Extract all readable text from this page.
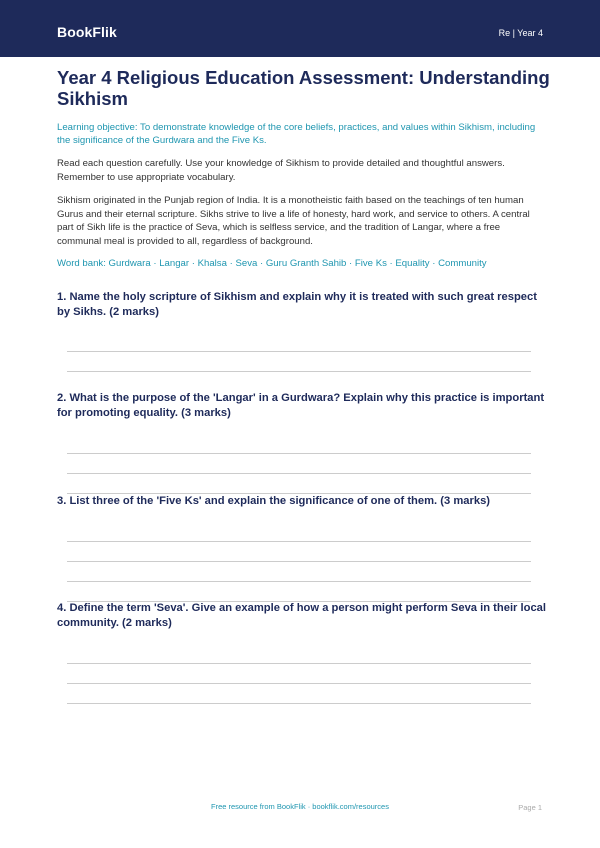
BookFlik	Re | Year 4
Year 4 Religious Education Assessment: Understanding Sikhism
Learning objective: To demonstrate knowledge of the core beliefs, practices, and values within Sikhism, including the significance of the Gurdwara and the Five Ks.
Read each question carefully. Use your knowledge of Sikhism to provide detailed and thoughtful answers. Remember to use appropriate vocabulary.
Sikhism originated in the Punjab region of India. It is a monotheistic faith based on the teachings of ten human Gurus and their eternal scripture. Sikhs strive to live a life of honesty, hard work, and service to others. A central part of Sikh life is the practice of Seva, which is selfless service, and the tradition of Langar, where a free communal meal is provided to all, regardless of background.
Word bank: Gurdwara · Langar · Khalsa · Seva · Guru Granth Sahib · Five Ks · Equality · Community
1. Name the holy scripture of Sikhism and explain why it is treated with such great respect by Sikhs. (2 marks)
2. What is the purpose of the 'Langar' in a Gurdwara? Explain why this practice is important for promoting equality. (3 marks)
3. List three of the 'Five Ks' and explain the significance of one of them. (3 marks)
4. Define the term 'Seva'. Give an example of how a person might perform Seva in their local community. (2 marks)
Free resource from BookFlik · bookflik.com/resources	Page 1
